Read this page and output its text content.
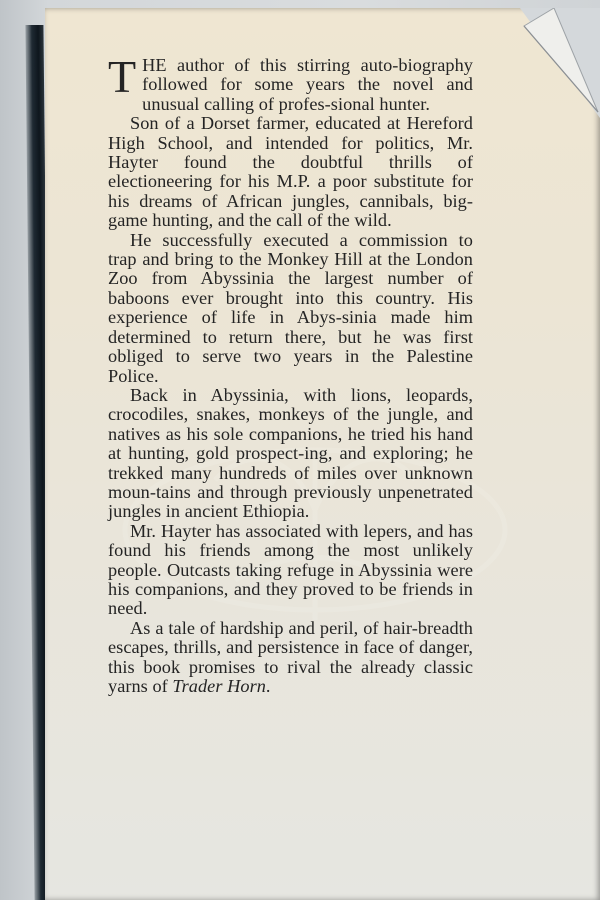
THE author of this stirring auto-biography followed for some years the novel and unusual calling of profes-sional hunter.

Son of a Dorset farmer, educated at Hereford High School, and intended for politics, Mr. Hayter found the doubtful thrills of electioneering for his M.P. a poor substitute for his dreams of African jungles, cannibals, big-game hunting, and the call of the wild.

He successfully executed a commission to trap and bring to the Monkey Hill at the London Zoo from Abyssinia the largest number of baboons ever brought into this country. His experience of life in Abys-sinia made him determined to return there, but he was first obliged to serve two years in the Palestine Police.

Back in Abyssinia, with lions, leopards, crocodiles, snakes, monkeys of the jungle, and natives as his sole companions, he tried his hand at hunting, gold prospect-ing, and exploring; he trekked many hundreds of miles over unknown moun-tains and through previously unpenetrated jungles in ancient Ethiopia.

Mr. Hayter has associated with lepers, and has found his friends among the most unlikely people. Outcasts taking refuge in Abyssinia were his companions, and they proved to be friends in need.

As a tale of hardship and peril, of hair-breadth escapes, thrills, and persistence in face of danger, this book promises to rival the already classic yarns of Trader Horn.
